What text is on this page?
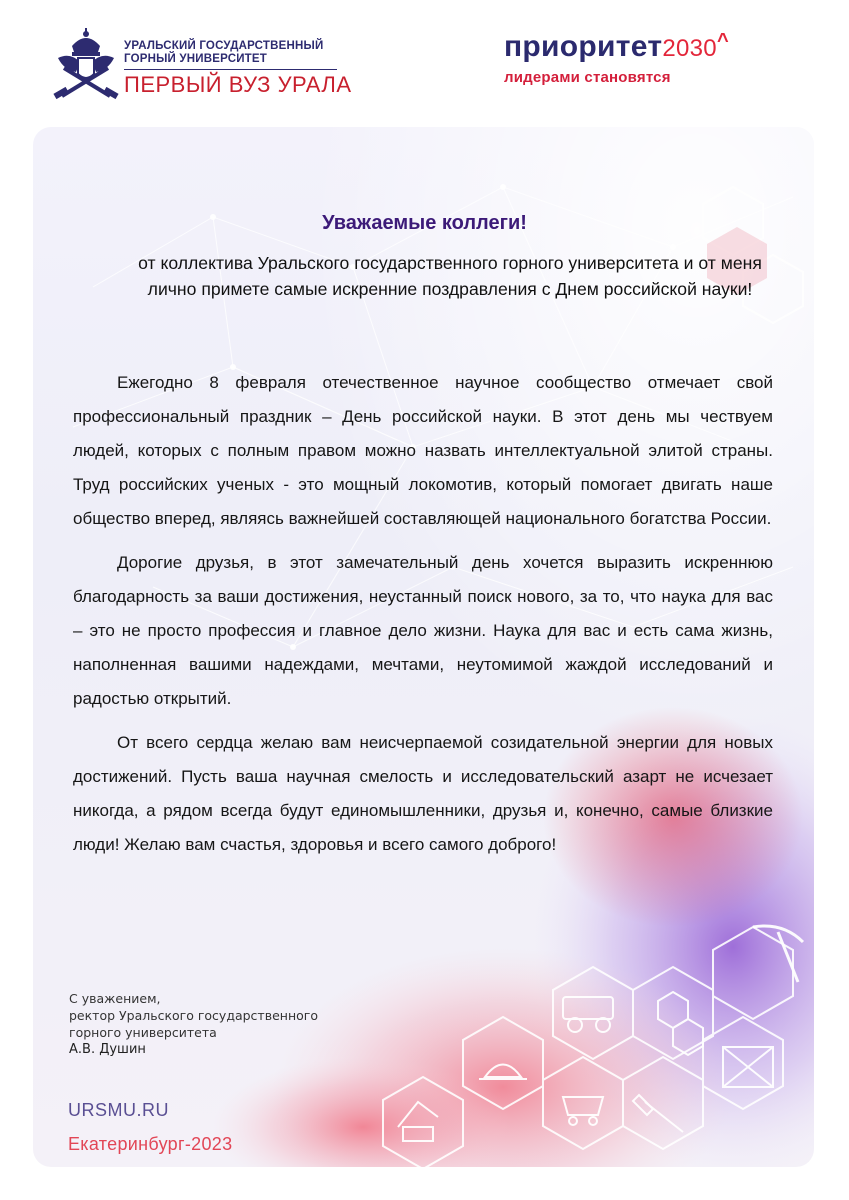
УРАЛЬСКИЙ ГОСУДАРСТВЕННЫЙ
ГОРНЫЙ УНИВЕРСИТЕТ
ПЕРВЫЙ ВУЗ УРАЛА
приоритет2030^
лидерами становятся
Уважаемые коллеги!
от коллектива Уральского государственного горного университета и от меня
лично примете самые искренние поздравления с Днем российской науки!

Ежегодно 8 февраля отечественное научное сообщество отмечает свой профессиональный праздник – День российской науки. В этот день мы чествуем людей, которых с полным правом можно назвать интеллектуальной элитой страны. Труд российских ученых - это мощный локомотив, который помогает двигать наше общество вперед, являясь важнейшей составляющей национального богатства России.

Дорогие друзья, в этот замечательный день хочется выразить искреннюю благодарность за ваши достижения, неустанный поиск нового, за то, что наука для вас – это не просто профессия и главное дело жизни. Наука для вас и есть сама жизнь, наполненная вашими надеждами, мечтами, неутомимой жаждой исследований и радостью открытий.

От всего сердца желаю вам неисчерпаемой созидательной энергии для новых достижений. Пусть ваша научная смелость и исследовательский азарт не исчезает никогда, а рядом всегда будут единомышленники, друзья и, конечно, самые близкие люди! Желаю вам счастья, здоровья и всего самого доброго!

С уважением,
ректор Уральского государственного
горного университета
А.В. Душин
URSMU.RU
Екатеринбург-2023
